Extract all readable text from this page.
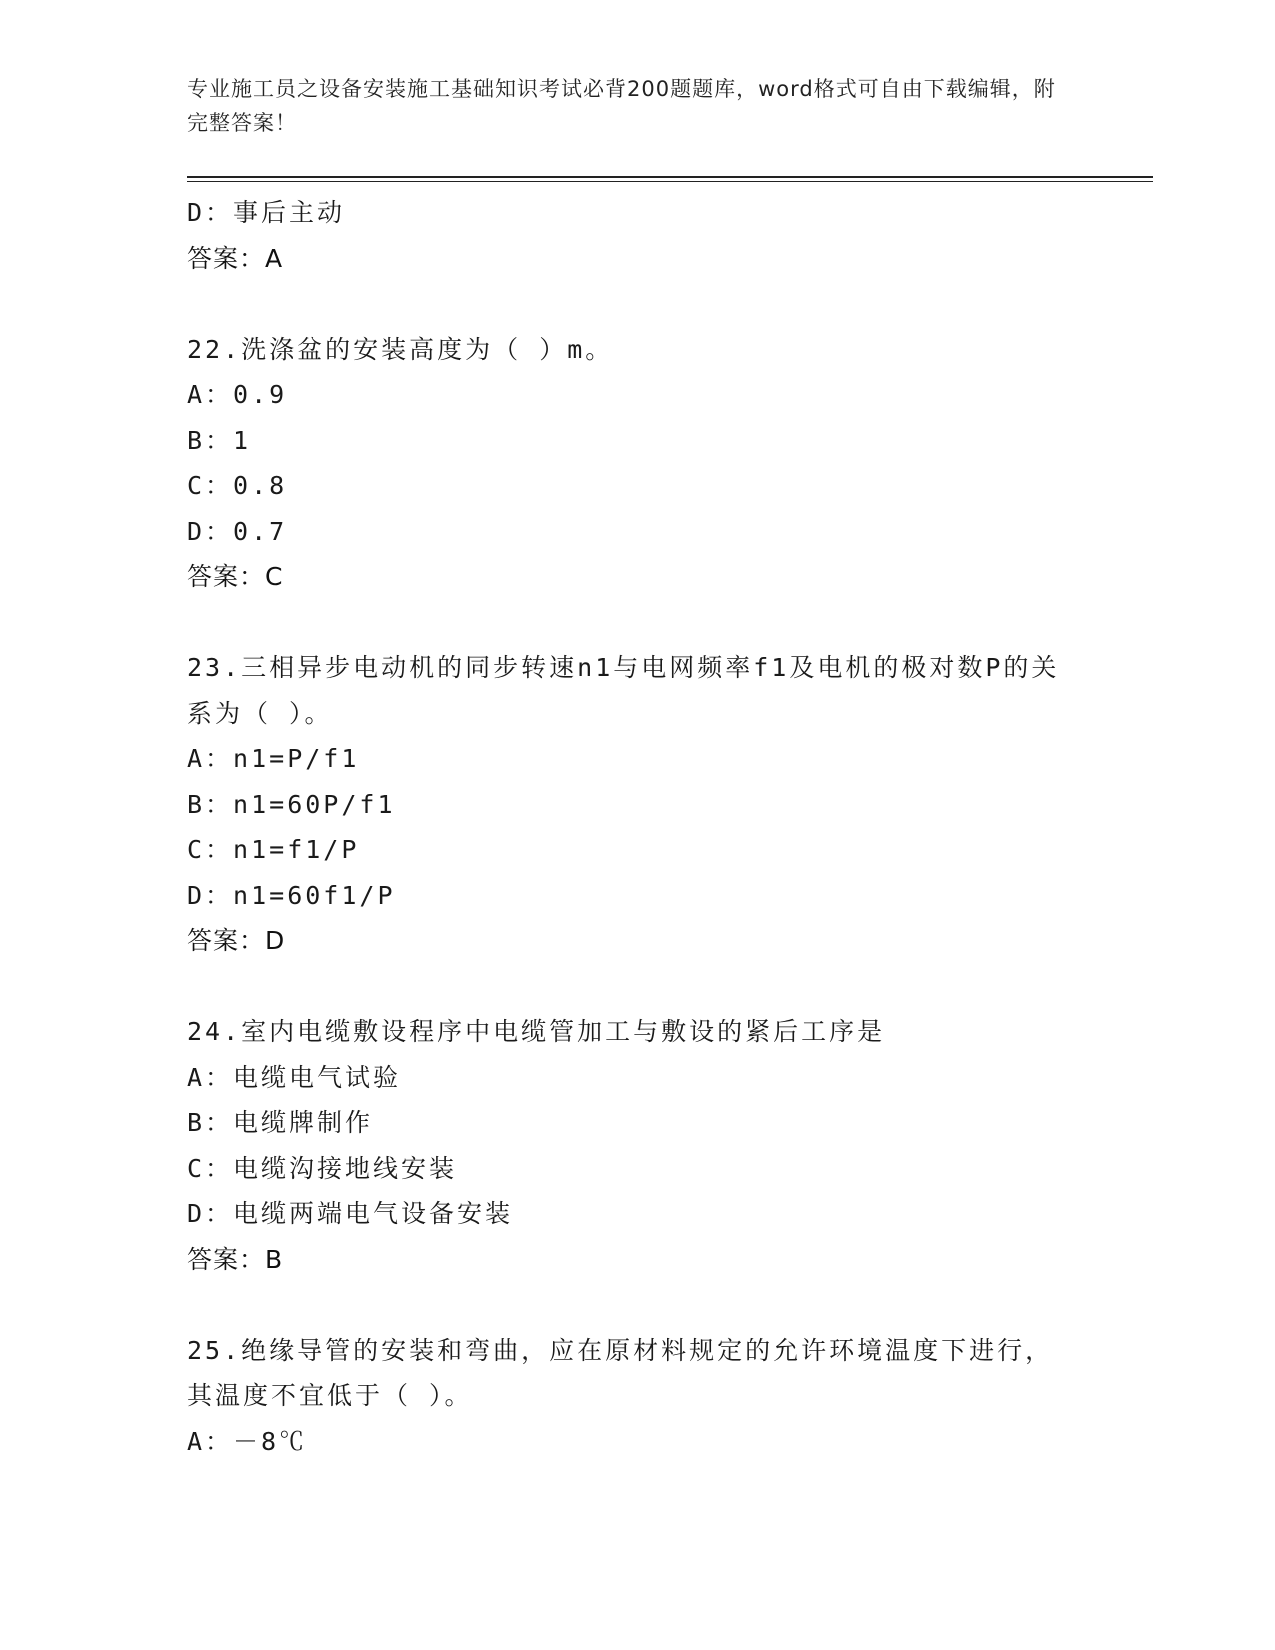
专业施工员之设备安装施工基础知识考试必背200题题库，word格式可自由下载编辑，附完整答案！
D：事后主动
答案：A
22.洗涤盆的安装高度为（ ）m。
A：0.9
B：1
C：0.8
D：0.7
答案：C
23.三相异步电动机的同步转速n1与电网频率f1及电机的极对数P的关系为（ ）。
A：n1=P/f1
B：n1=60P/f1
C：n1=f1/P
D：n1=60f1/P
答案：D
24.室内电缆敷设程序中电缆管加工与敷设的紧后工序是
A：电缆电气试验
B：电缆牌制作
C：电缆沟接地线安装
D：电缆两端电气设备安装
答案：B
25.绝缘导管的安装和弯曲，应在原材料规定的允许环境温度下进行，其温度不宜低于（ ）。
A：－8℃
